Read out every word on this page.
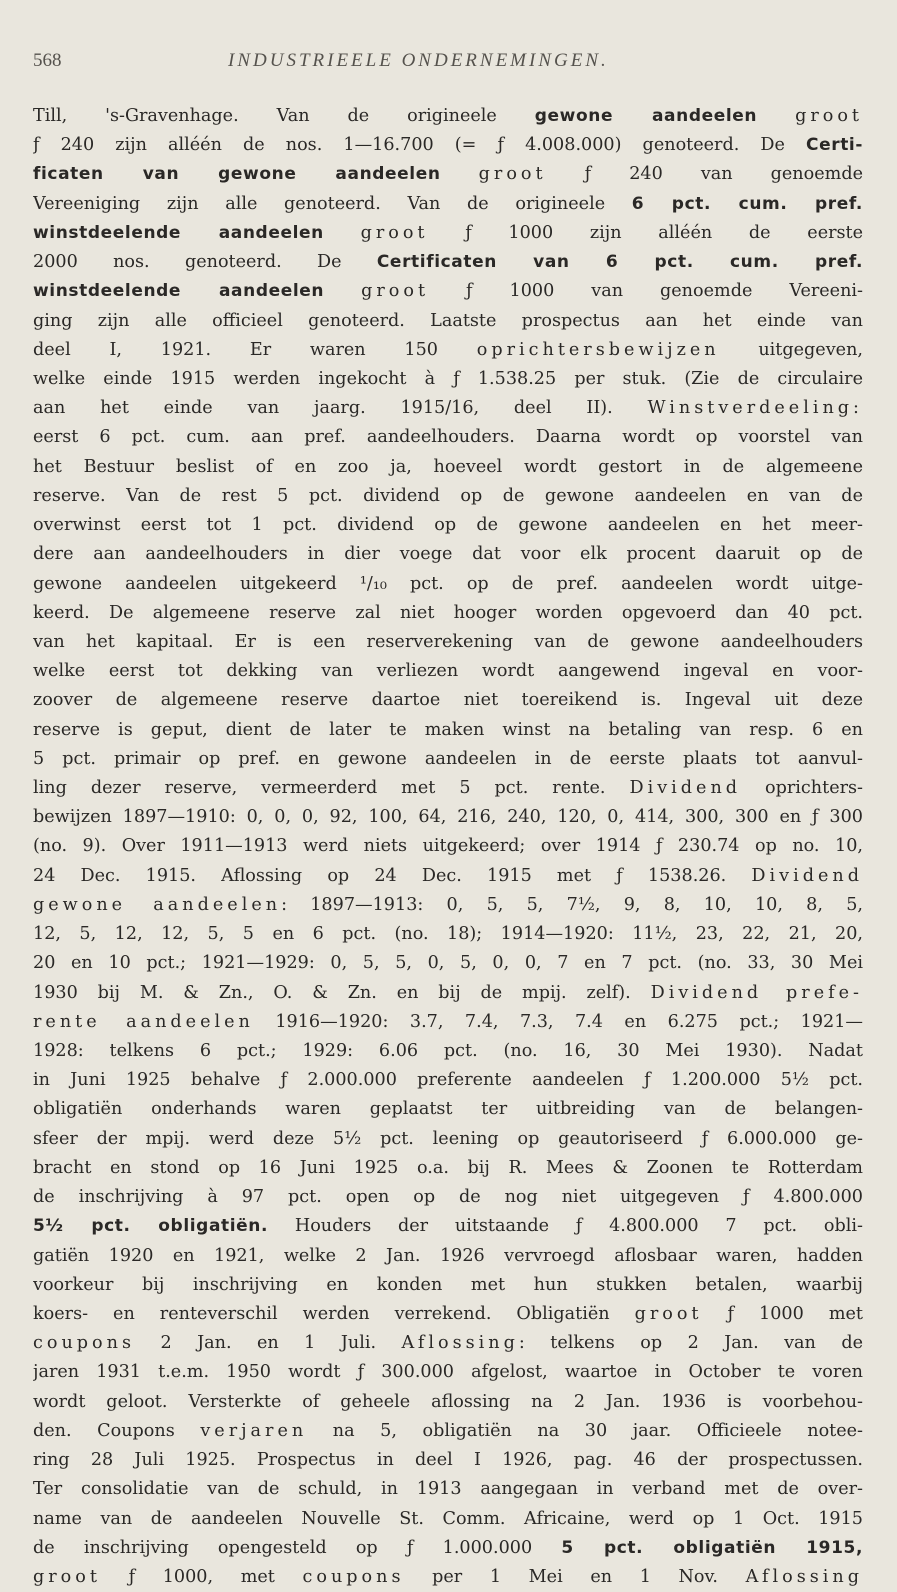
568	INDUSTRIEELE ONDERNEMINGEN.
Till, 's-Gravenhage. Van de origineele gewone aandeelen groot
ƒ 240 zijn alléén de nos. 1—16.700 (= ƒ 4.008.000) genoteerd. De Certi-
ficaten van gewone aandeelen groot ƒ 240 van genoemde
Vereeniging zijn alle genoteerd. Van de origineele 6 pct. cum. pref.
winstdeelende aandeelen groot ƒ 1000 zijn alléén de eerste
2000 nos. genoteerd. De Certificaten van 6 pct. cum. pref.
winstdeelende aandeelen groot ƒ 1000 van genoemde Vereeni-
ging zijn alle officieel genoteerd. Laatste prospectus aan het einde van
deel I, 1921. Er waren 150 oprichtersbewijzen uitgegeven,
welke einde 1915 werden ingekocht à ƒ 1.538.25 per stuk. (Zie de circulaire
aan het einde van jaarg. 1915/16, deel II). Winstverdeeling:
eerst 6 pct. cum. aan pref. aandeelhouders. Daarna wordt op voorstel van
het Bestuur beslist of en zoo ja, hoeveel wordt gestort in de algemeene
reserve. Van de rest 5 pct. dividend op de gewone aandeelen en van de
overwinst eerst tot 1 pct. dividend op de gewone aandeelen en het meer-
dere aan aandeelhouders in dier voege dat voor elk procent daaruit op de
gewone aandeelen uitgekeerd ¹/₁₀ pct. op de pref. aandeelen wordt uitge-
keerd. De algemeene reserve zal niet hooger worden opgevoerd dan 40 pct.
van het kapitaal. Er is een reserverekening van de gewone aandeelhouders
welke eerst tot dekking van verliezen wordt aangewend ingeval en voor-
zoover de algemeene reserve daartoe niet toereikend is. Ingeval uit deze
reserve is geput, dient de later te maken winst na betaling van resp. 6 en
5 pct. primair op pref. en gewone aandeelen in de eerste plaats tot aanvul-
ling dezer reserve, vermeerderd met 5 pct. rente. Dividend oprichters-
bewijzen 1897—1910: 0, 0, 0, 92, 100, 64, 216, 240, 120, 0, 414, 300, 300 en ƒ 300
(no. 9). Over 1911—1913 werd niets uitgekeerd; over 1914 ƒ 230.74 op no. 10,
24 Dec. 1915. Aflossing op 24 Dec. 1915 met ƒ 1538.26. Dividend
gewone aandeelen: 1897—1913: 0, 5, 5, 7½, 9, 8, 10, 10, 8, 5,
12, 5, 12, 12, 5, 5 en 6 pct. (no. 18); 1914—1920: 11½, 23, 22, 21, 20,
20 en 10 pct.; 1921—1929: 0, 5, 5, 0, 5, 0, 0, 7 en 7 pct. (no. 33, 30 Mei
1930 bij M. & Zn., O. & Zn. en bij de mpij. zelf). Dividend prefe-
rente aandeelen 1916—1920: 3.7, 7.4, 7.3, 7.4 en 6.275 pct.; 1921—
1928: telkens 6 pct.; 1929: 6.06 pct. (no. 16, 30 Mei 1930). Nadat
in Juni 1925 behalve ƒ 2.000.000 preferente aandeelen ƒ 1.200.000 5½ pct.
obligatiën onderhands waren geplaatst ter uitbreiding van de belangen-
sfeer der mpij. werd deze 5½ pct. leening op geautoriseerd ƒ 6.000.000 ge-
bracht en stond op 16 Juni 1925 o.a. bij R. Mees & Zoonen te Rotterdam
de inschrijving à 97 pct. open op de nog niet uitgegeven ƒ 4.800.000
5½ pct. obligatiën. Houders der uitstaande ƒ 4.800.000 7 pct. obli-
gatiën 1920 en 1921, welke 2 Jan. 1926 vervroegd aflosbaar waren, hadden
voorkeur bij inschrijving en konden met hun stukken betalen, waarbij
koers- en renteverschil werden verrekend. Obligatiën groot ƒ 1000 met
coupons 2 Jan. en 1 Juli. Aflossing: telkens op 2 Jan. van de
jaren 1931 t.e.m. 1950 wordt ƒ 300.000 afgelost, waartoe in October te voren
wordt geloot. Versterkte of geheele aflossing na 2 Jan. 1936 is voorbehou-
den. Coupons verjaren na 5, obligatiën na 30 jaar. Officieele notee-
ring 28 Juli 1925. Prospectus in deel I 1926, pag. 46 der prospectussen.
Ter consolidatie van de schuld, in 1913 aangegaan in verband met de over-
name van de aandeelen Nouvelle St. Comm. Africaine, werd op 1 Oct. 1915
de inschrijving opengesteld op ƒ 1.000.000 5 pct. obligatiën 1915,
groot ƒ 1000, met coupons per 1 Mei en 1 Nov. Aflossing
